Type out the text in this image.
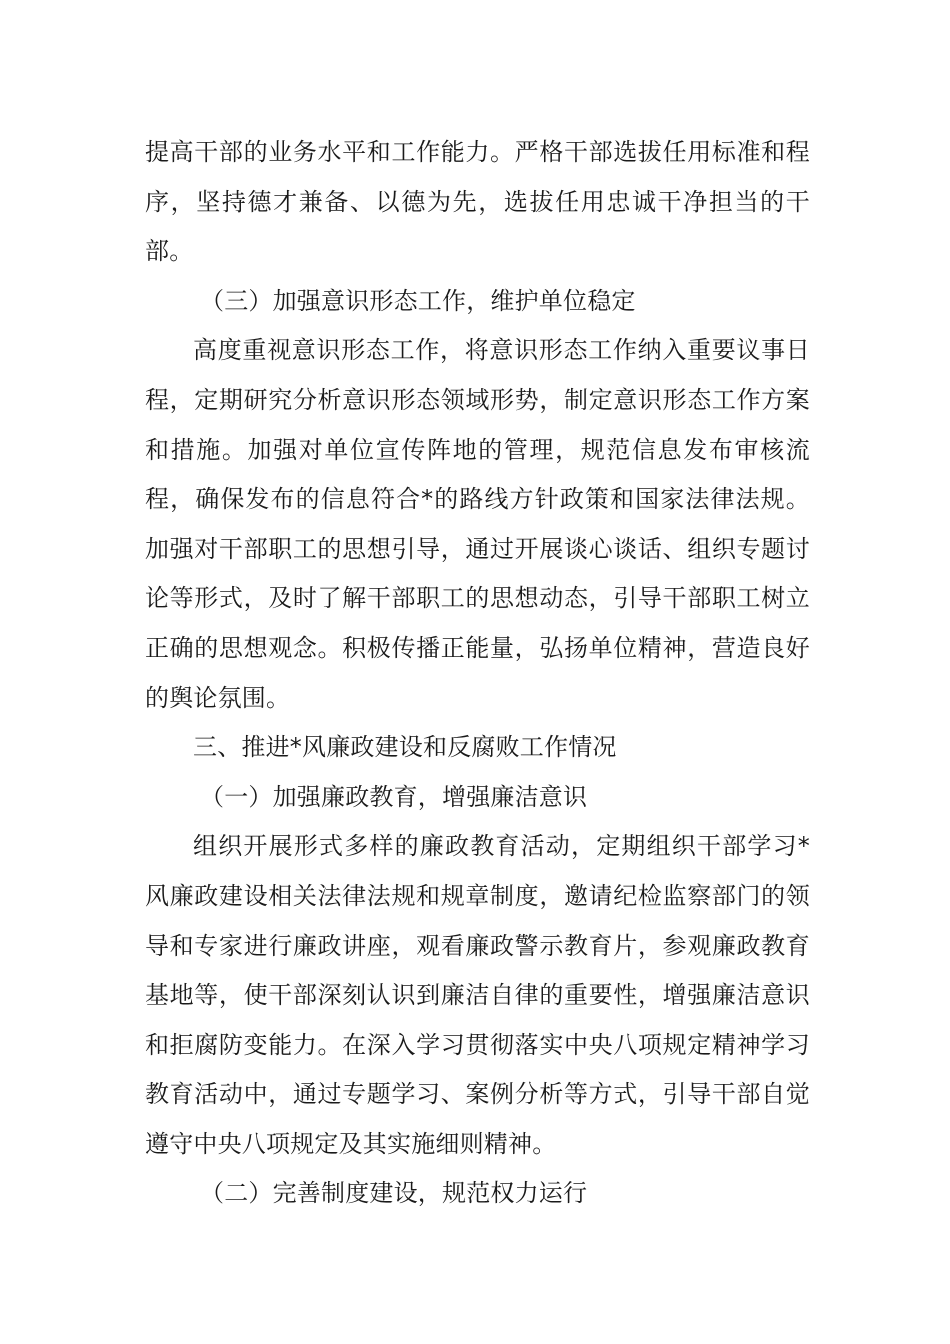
提高干部的业务水平和工作能力。严格干部选拔任用标准和程序，坚持德才兼备、以德为先，选拔任用忠诚干净担当的干部。

（三）加强意识形态工作，维护单位稳定

高度重视意识形态工作，将意识形态工作纳入重要议事日程，定期研究分析意识形态领域形势，制定意识形态工作方案和措施。加强对单位宣传阵地的管理，规范信息发布审核流程，确保发布的信息符合*的路线方针政策和国家法律法规。加强对干部职工的思想引导，通过开展谈心谈话、组织专题讨论等形式，及时了解干部职工的思想动态，引导干部职工树立正确的思想观念。积极传播正能量，弘扬单位精神，营造良好的舆论氛围。

三、推进*风廉政建设和反腐败工作情况

（一）加强廉政教育，增强廉洁意识

组织开展形式多样的廉政教育活动，定期组织干部学习*风廉政建设相关法律法规和规章制度，邀请纪检监察部门的领导和专家进行廉政讲座，观看廉政警示教育片，参观廉政教育基地等，使干部深刻认识到廉洁自律的重要性，增强廉洁意识和拒腐防变能力。在深入学习贯彻落实中央八项规定精神学习教育活动中，通过专题学习、案例分析等方式，引导干部自觉遵守中央八项规定及其实施细则精神。

（二）完善制度建设，规范权力运行
